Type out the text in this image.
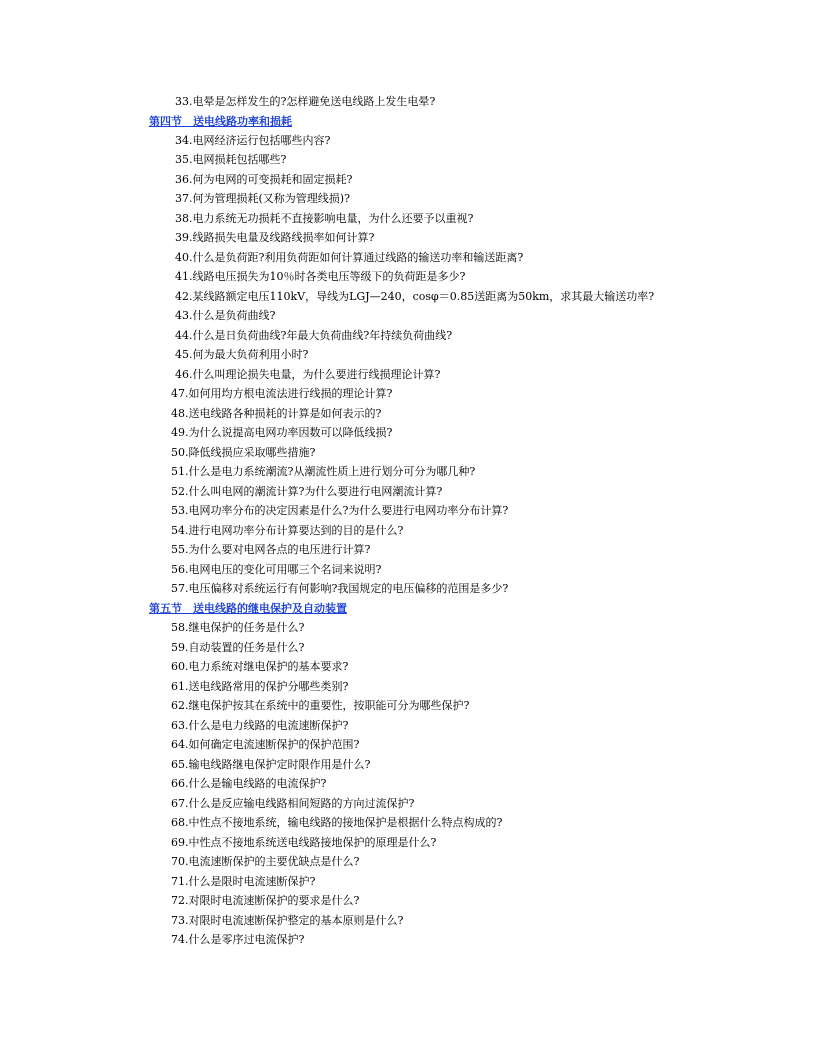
33.电晕是怎样发生的?怎样避免送电线路上发生电晕?
第四节　送电线路功率和损耗
34.电网经济运行包括哪些内容?
35.电网损耗包括哪些?
36.何为电网的可变损耗和固定损耗?
37.何为管理损耗(又称为管理线损)?
38.电力系统无功损耗不直接影响电量，为什么还要予以重视?
39.线路损失电量及线路线损率如何计算?
40.什么是负荷距?利用负荷距如何计算通过线路的输送功率和输送距离?
41.线路电压损失为10％时各类电压等级下的负荷距是多少?
42.某线路额定电压110kV，导线为LGJ—240，cosφ＝0.85送距离为50km，求其最大输送功率?
43.什么是负荷曲线?
44.什么是日负荷曲线?年最大负荷曲线?年持续负荷曲线?
45.何为最大负荷利用小时?
46.什么叫理论损失电量，为什么要进行线损理论计算?
47.如何用均方根电流法进行线损的理论计算?
48.送电线路各种损耗的计算是如何表示的?
49.为什么说提高电网功率因数可以降低线损?
50.降低线损应采取哪些措施?
51.什么是电力系统潮流?从潮流性质上进行划分可分为哪几种?
52.什么叫电网的潮流计算?为什么要进行电网潮流计算?
53.电网功率分布的决定因素是什么?为什么要进行电网功率分布计算?
54.进行电网功率分布计算要达到的目的是什么?
55.为什么要对电网各点的电压进行计算?
56.电网电压的变化可用哪三个名词来说明?
57.电压偏移对系统运行有何影响?我国规定的电压偏移的范围是多少?
第五节　送电线路的继电保护及自动装置
58.继电保护的任务是什么?
59.自动装置的任务是什么?
60.电力系统对继电保护的基本要求?
61.送电线路常用的保护分哪些类别?
62.继电保护按其在系统中的重要性，按职能可分为哪些保护?
63.什么是电力线路的电流速断保护?
64.如何确定电流速断保护的保护范围?
65.输电线路继电保护定时限作用是什么?
66.什么是输电线路的电流保护?
67.什么是反应输电线路相间短路的方向过流保护?
68.中性点不接地系统，输电线路的接地保护是根据什么特点构成的?
69.中性点不接地系统送电线路接地保护的原理是什么?
70.电流速断保护的主要优缺点是什么?
71.什么是限时电流速断保护?
72.对限时电流速断保护的要求是什么?
73.对限时电流速断保护整定的基本原则是什么?
74.什么是零序过电流保护?
